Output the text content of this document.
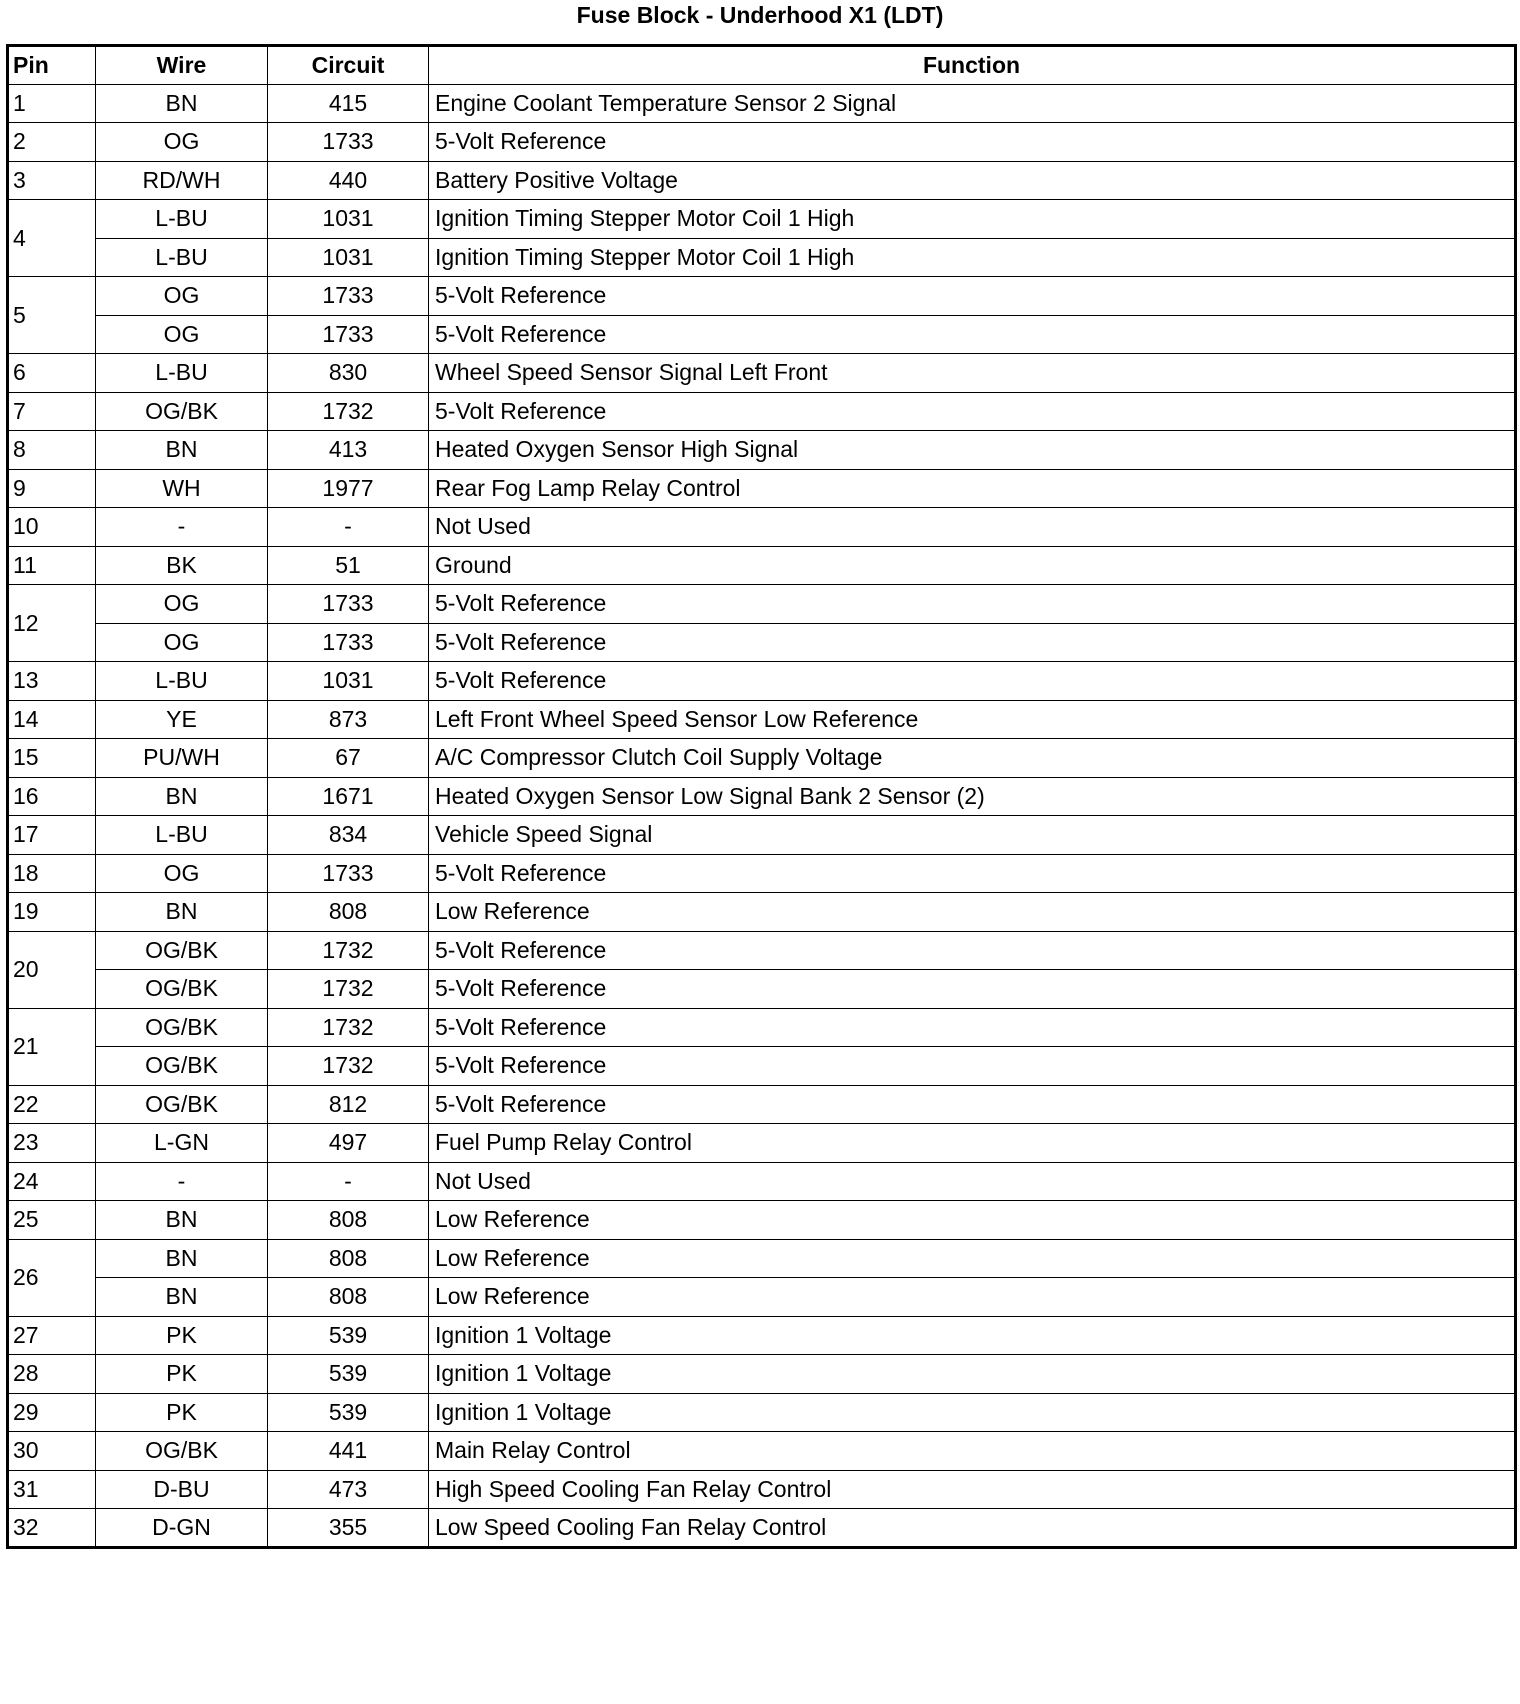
Fuse Block - Underhood X1 (LDT)
Pin	Wire	Circuit	Function
1	BN	415	Engine Coolant Temperature Sensor 2 Signal
2	OG	1733	5-Volt Reference
3	RD/WH	440	Battery Positive Voltage
4	L-BU	1031	Ignition Timing Stepper Motor Coil 1 High
	L-BU	1031	Ignition Timing Stepper Motor Coil 1 High
5	OG	1733	5-Volt Reference
	OG	1733	5-Volt Reference
6	L-BU	830	Wheel Speed Sensor Signal Left Front
7	OG/BK	1732	5-Volt Reference
8	BN	413	Heated Oxygen Sensor High Signal
9	WH	1977	Rear Fog Lamp Relay Control
10	-	-	Not Used
11	BK	51	Ground
12	OG	1733	5-Volt Reference
	OG	1733	5-Volt Reference
13	L-BU	1031	5-Volt Reference
14	YE	873	Left Front Wheel Speed Sensor Low Reference
15	PU/WH	67	A/C Compressor Clutch Coil Supply Voltage
16	BN	1671	Heated Oxygen Sensor Low Signal Bank 2 Sensor (2)
17	L-BU	834	Vehicle Speed Signal
18	OG	1733	5-Volt Reference
19	BN	808	Low Reference
20	OG/BK	1732	5-Volt Reference
	OG/BK	1732	5-Volt Reference
21	OG/BK	1732	5-Volt Reference
	OG/BK	1732	5-Volt Reference
22	OG/BK	812	5-Volt Reference
23	L-GN	497	Fuel Pump Relay Control
24	-	-	Not Used
25	BN	808	Low Reference
26	BN	808	Low Reference
	BN	808	Low Reference
27	PK	539	Ignition 1 Voltage
28	PK	539	Ignition 1 Voltage
29	PK	539	Ignition 1 Voltage
30	OG/BK	441	Main Relay Control
31	D-BU	473	High Speed Cooling Fan Relay Control
32	D-GN	355	Low Speed Cooling Fan Relay Control
